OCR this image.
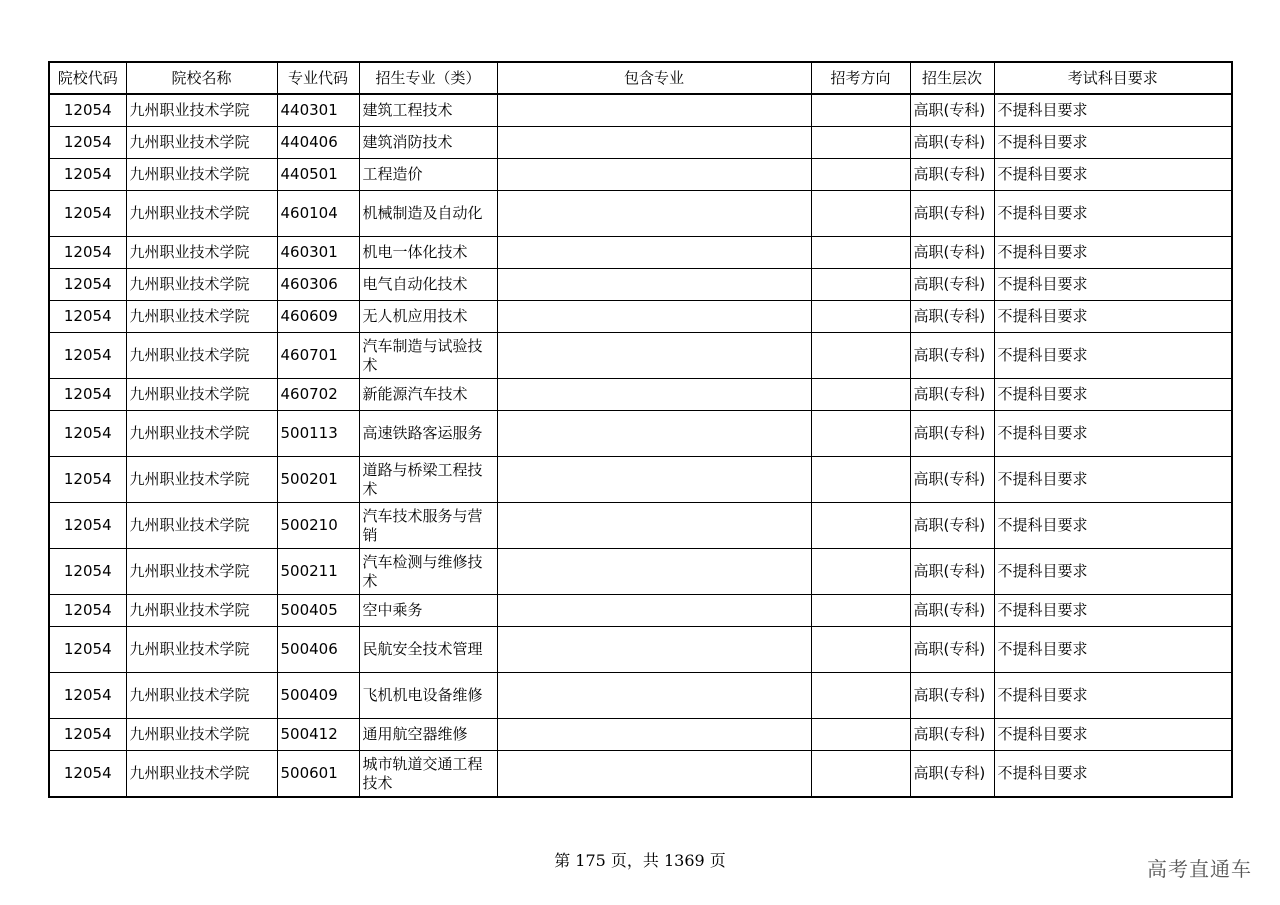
院校代码	院校名称	专业代码	招生专业（类）	包含专业	招考方向	招生层次	考试科目要求
12054	九州职业技术学院	440301	建筑工程技术			高职(专科)	不提科目要求
12054	九州职业技术学院	440406	建筑消防技术			高职(专科)	不提科目要求
12054	九州职业技术学院	440501	工程造价			高职(专科)	不提科目要求
12054	九州职业技术学院	460104	机械制造及自动化			高职(专科)	不提科目要求
12054	九州职业技术学院	460301	机电一体化技术			高职(专科)	不提科目要求
12054	九州职业技术学院	460306	电气自动化技术			高职(专科)	不提科目要求
12054	九州职业技术学院	460609	无人机应用技术			高职(专科)	不提科目要求
12054	九州职业技术学院	460701	汽车制造与试验技术			高职(专科)	不提科目要求
12054	九州职业技术学院	460702	新能源汽车技术			高职(专科)	不提科目要求
12054	九州职业技术学院	500113	高速铁路客运服务			高职(专科)	不提科目要求
12054	九州职业技术学院	500201	道路与桥梁工程技术			高职(专科)	不提科目要求
12054	九州职业技术学院	500210	汽车技术服务与营销			高职(专科)	不提科目要求
12054	九州职业技术学院	500211	汽车检测与维修技术			高职(专科)	不提科目要求
12054	九州职业技术学院	500405	空中乘务			高职(专科)	不提科目要求
12054	九州职业技术学院	500406	民航安全技术管理			高职(专科)	不提科目要求
12054	九州职业技术学院	500409	飞机机电设备维修			高职(专科)	不提科目要求
12054	九州职业技术学院	500412	通用航空器维修			高职(专科)	不提科目要求
12054	九州职业技术学院	500601	城市轨道交通工程技术			高职(专科)	不提科目要求
第 175 页，共 1369 页	高考直通车
